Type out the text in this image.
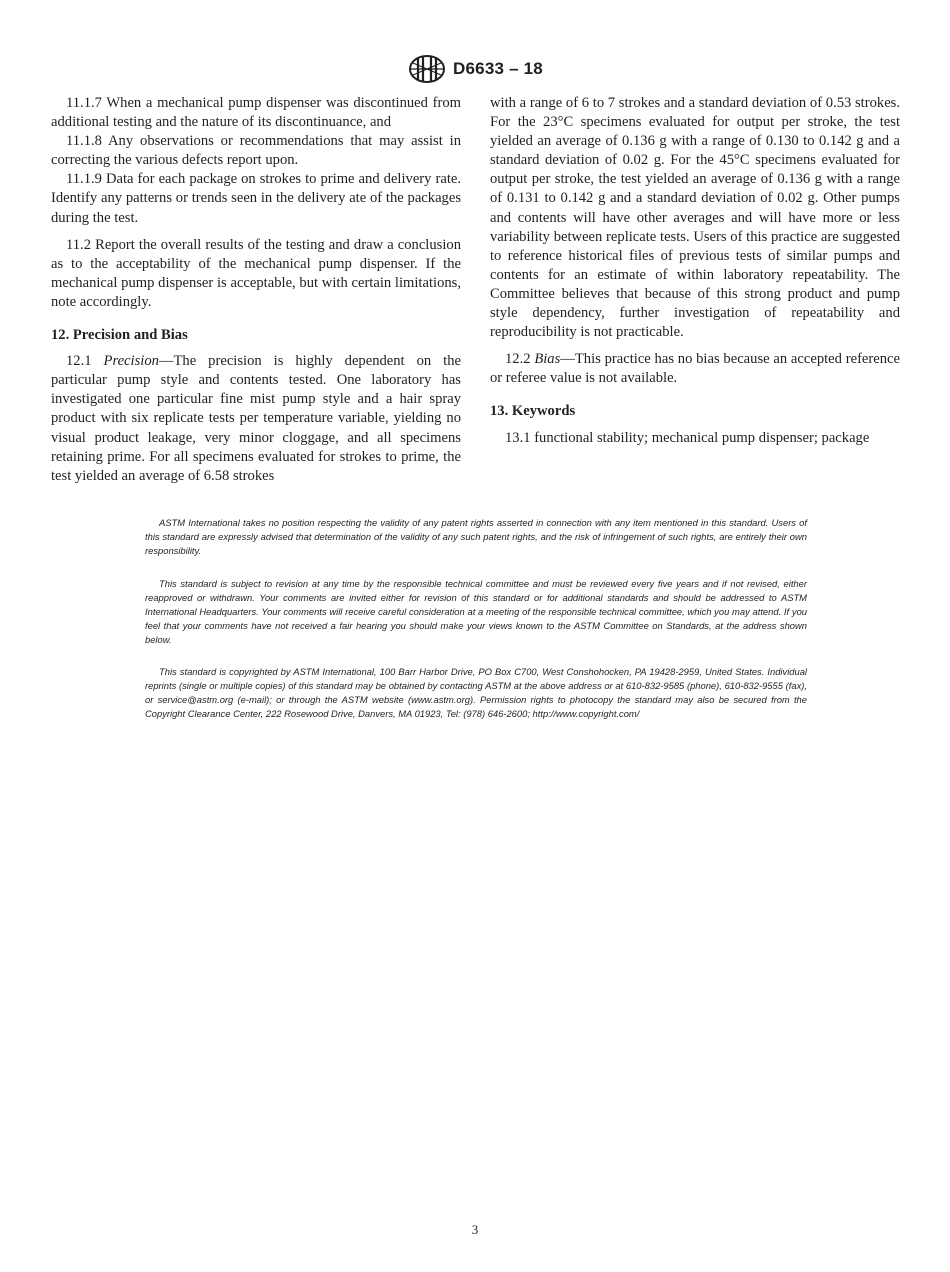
D6633 – 18

11.1.7 When a mechanical pump dispenser was discontinued from additional testing and the nature of its discontinuance, and

11.1.8 Any observations or recommendations that may assist in correcting the various defects report upon.

11.1.9 Data for each package on strokes to prime and delivery rate. Identify any patterns or trends seen in the delivery ate of the packages during the test.

11.2 Report the overall results of the testing and draw a conclusion as to the acceptability of the mechanical pump dispenser. If the mechanical pump dispenser is acceptable, but with certain limitations, note accordingly.

12. Precision and Bias

12.1 Precision—The precision is highly dependent on the particular pump style and contents tested. One laboratory has investigated one particular fine mist pump style and a hair spray product with six replicate tests per temperature variable, yielding no visual product leakage, very minor cloggage, and all specimens retaining prime. For all specimens evaluated for strokes to prime, the test yielded an average of 6.58 strokes

with a range of 6 to 7 strokes and a standard deviation of 0.53 strokes. For the 23°C specimens evaluated for output per stroke, the test yielded an average of 0.136 g with a range of 0.130 to 0.142 g and a standard deviation of 0.02 g. For the 45°C specimens evaluated for output per stroke, the test yielded an average of 0.136 g with a range of 0.131 to 0.142 g and a standard deviation of 0.02 g. Other pumps and contents will have other averages and will have more or less variability between replicate tests. Users of this practice are suggested to reference historical files of previous tests of similar pumps and contents for an estimate of within laboratory repeatability. The Committee believes that because of this strong product and pump style dependency, further investigation of repeatability and reproducibility is not practicable.

12.2 Bias—This practice has no bias because an accepted reference or referee value is not available.

13. Keywords

13.1 functional stability; mechanical pump dispenser; package

ASTM International takes no position respecting the validity of any patent rights asserted in connection with any item mentioned in this standard. Users of this standard are expressly advised that determination of the validity of any such patent rights, and the risk of infringement of such rights, are entirely their own responsibility.

This standard is subject to revision at any time by the responsible technical committee and must be reviewed every five years and if not revised, either reapproved or withdrawn. Your comments are invited either for revision of this standard or for additional standards and should be addressed to ASTM International Headquarters. Your comments will receive careful consideration at a meeting of the responsible technical committee, which you may attend. If you feel that your comments have not received a fair hearing you should make your views known to the ASTM Committee on Standards, at the address shown below.

This standard is copyrighted by ASTM International, 100 Barr Harbor Drive, PO Box C700, West Conshohocken, PA 19428-2959, United States. Individual reprints (single or multiple copies) of this standard may be obtained by contacting ASTM at the above address or at 610-832-9585 (phone), 610-832-9555 (fax), or service@astm.org (e-mail); or through the ASTM website (www.astm.org). Permission rights to photocopy the standard may also be secured from the Copyright Clearance Center, 222 Rosewood Drive, Danvers, MA 01923, Tel: (978) 646-2600; http://www.copyright.com/

3
